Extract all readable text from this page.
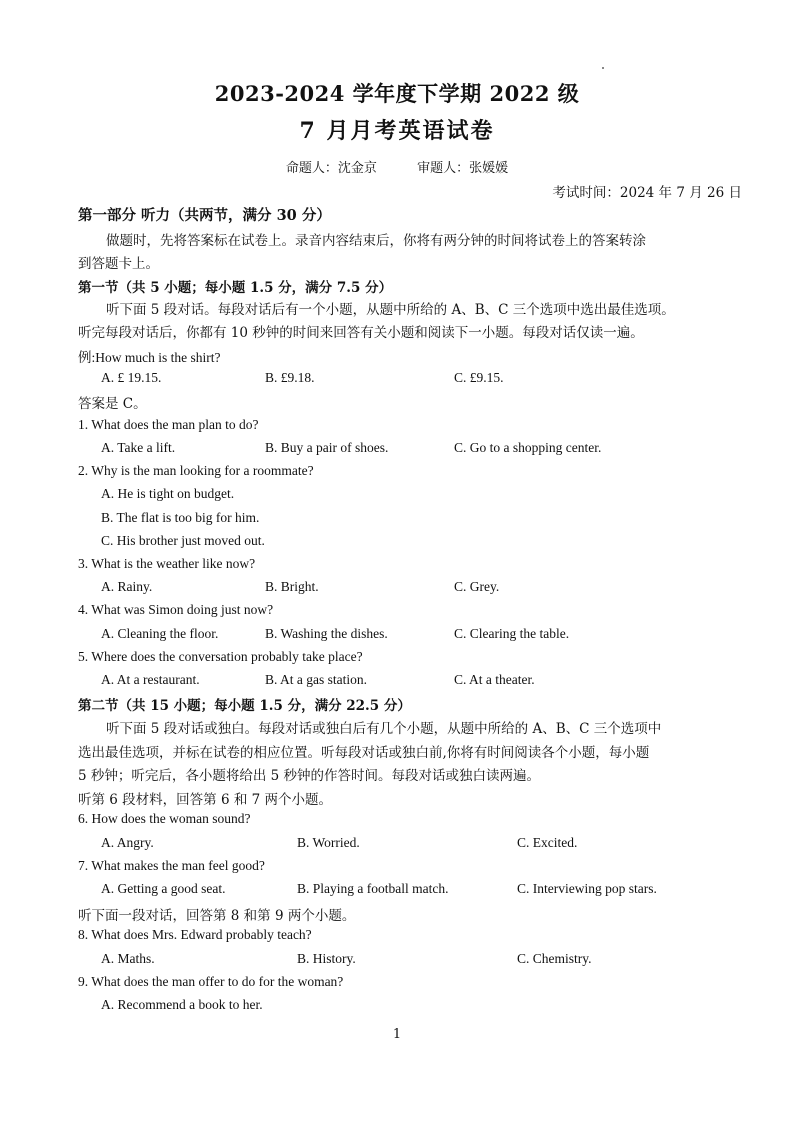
2023-2024 学年度下学期 2022 级
7 月月考英语试卷
命题人：沈金京	审题人：张媛媛
考试时间：2024 年 7 月 26 日
第一部分 听力（共两节，满分 30 分）
做题时，先将答案标在试卷上。录音内容结束后，你将有两分钟的时间将试卷上的答案转涂
到答题卡上。
第一节（共 5 小题；每小题 1.5 分，满分 7.5 分）
听下面 5 段对话。每段对话后有一个小题，从题中所给的 A、B、C 三个选项中选出最佳选项。
听完每段对话后，你都有 10 秒钟的时间来回答有关小题和阅读下一小题。每段对话仅读一遍。
例:How much is the shirt?
A. £ 19.15.	B. £9.18.	C. £9.15.
答案是 C。
1. What does the man plan to do?
A. Take a lift.	B. Buy a pair of shoes.	C. Go to a shopping center.
2. Why is the man looking for a roommate?
A. He is tight on budget.
B. The flat is too big for him.
C. His brother just moved out.
3. What is the weather like now?
A. Rainy.	B. Bright.	C. Grey.
4. What was Simon doing just now?
A. Cleaning the floor.	B. Washing the dishes.	C. Clearing the table.
5. Where does the conversation probably take place?
A. At a restaurant.	B. At a gas station.	C. At a theater.
第二节（共 15 小题；每小题 1.5 分，满分 22.5 分）
听下面 5 段对话或独白。每段对话或独白后有几个小题，从题中所给的 A、B、C 三个选项中
选出最佳选项，并标在试卷的相应位置。听每段对话或独白前,你将有时间阅读各个小题，每小题
5 秒钟；听完后，各小题将给出 5 秒钟的作答时间。每段对话或独白读两遍。
听第 6 段材料，回答第 6 和 7 两个小题。
6. How does the woman sound?
A. Angry.	B. Worried.	C. Excited.
7. What makes the man feel good?
A. Getting a good seat.	B. Playing a football match.	C. Interviewing pop stars.
听下面一段对话，回答第 8 和第 9 两个小题。
8. What does Mrs. Edward probably teach?
A. Maths.	B. History.	C. Chemistry.
9. What does the man offer to do for the woman?
A. Recommend a book to her.
1
